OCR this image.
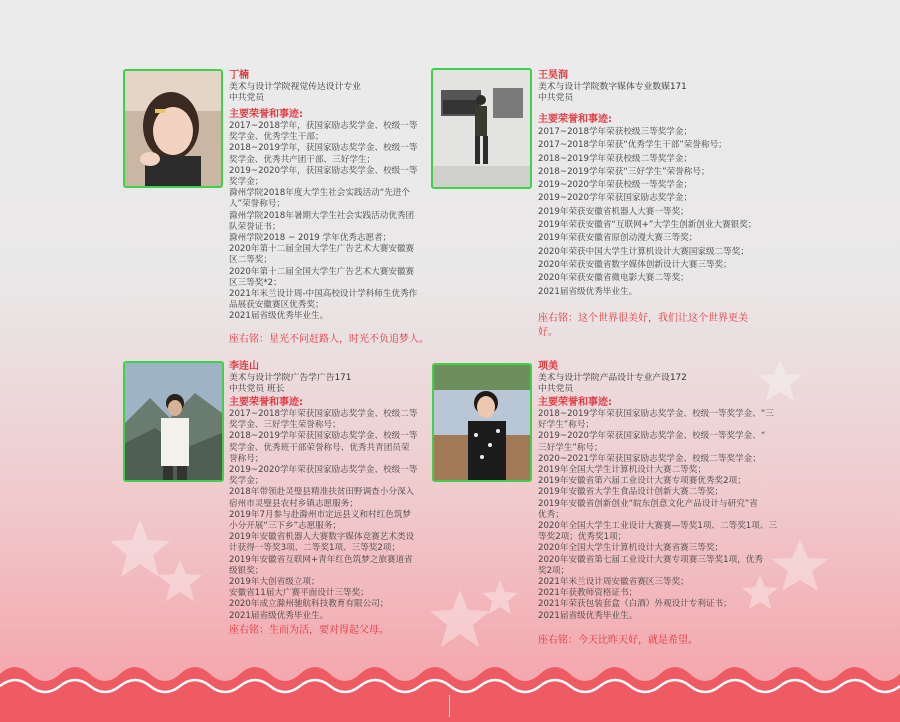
丁楠
美术与设计学院视觉传达设计专业
中共党员
主要荣誉和事迹:
2017~2018学年，获国家励志奖学金、校级一等
奖学金、优秀学生干部；
2018~2019学年，获国家励志奖学金、校级一等
奖学金、优秀共产团干部、三好学生；
2019~2020学年，获国家励志奖学金、校级一等
奖学金；
滁州学院2018年度大学生社会实践活动“先进个
人”荣誉称号；
滁州学院2018年暑期大学生社会实践活动优秀团
队荣誉证书；
滁州学院2018 ~ 2019 学年优秀志愿者；
2020年第十二届全国大学生广告艺术大赛安徽赛
区二等奖；
2020年第十二届全国大学生广告艺术大赛安徽赛
区三等奖*2；
2021年米兰设计周-中国高校设计学科师生优秀作
品展获安徽赛区优秀奖；
2021届省级优秀毕业生。
座右铭：星光不问赶路人，时光不负追梦人。
王昊润
美术与设计学院数字媒体专业数媒171
中共党员
主要荣誉和事迹:
2017~2018学年荣获校级三等奖学金；
2017~2018学年荣获“优秀学生干部”荣誉称号；
2018~2019学年荣获校级二等奖学金；
2018~2019学年荣获“三好学生”荣誉称号；
2019~2020学年荣获校级一等奖学金；
2019~2020学年荣获国家励志奖学金；
2019年荣获安徽省机器人大赛一等奖；
2019年荣获安徽省“互联网+”大学生创新创业大赛银奖；
2019年荣获安徽省原创动漫大赛三等奖；
2020年荣获中国大学生计算机设计大赛国家级二等奖；
2020年荣获安徽省数字媒体创新设计大赛三等奖；
2020年荣获安徽省微电影大赛二等奖；
2021届省级优秀毕业生。
座右铭：这个世界很美好，我们让这个世界更美
好。
李连山
美术与设计学院广告学广告171
中共党员 班长
主要荣誉和事迹:
2017~2018学年荣获国家励志奖学金、校级二等
奖学金、三好学生荣誉称号；
2018~2019学年荣获国家励志奖学金、校级一等
奖学金、优秀班干部荣誉称号、优秀共青团员荣
誉称号；
2019~2020学年荣获国家励志奖学金、校级一等
奖学金；
2018年带领赴灵璧县精准扶贫田野调查小分深入
宿州市灵璧县农村乡镇志愿服务；
2019年7月参与赴滁州市定远县义和村红色筑梦
小分开展“三下乡”志愿服务；
2019年安徽省机器人大赛数字媒体竞赛艺术类设
计获得一等奖3项、二等奖1项、三等奖2项；
2019年安徽省互联网+青年红色筑梦之旅赛道省
级银奖；
2019年大创省级立项；
安徽省11届大广赛平面设计三等奖；
2020年成立滁州驰航科技教育有限公司；
2021届省级优秀毕业生。
座右铭：生而为活，要对得起父母。
项美
美术与设计学院产品设计专业产设172
中共党员
主要荣誉和事迹:
2018~2019学年荣获国家励志奖学金、校级一等奖学金、“三
好学生”称号；
2019~2020学年荣获国家励志奖学金、校级一等奖学金、“
三好学生”称号；
2020~2021学年荣获国家励志奖学金、校级二等奖学金；
2019年全国大学生计算机设计大赛二等奖；
2019年安徽省第六届工业设计大赛专项赛优秀奖2项；
2019年安徽省大学生食品设计创新大赛二等奖；
2019年安徽省创新创业“皖东创意文化产品设计与研究”省
优秀；
2020年全国大学生工业设计大赛赛—等奖1项、二等奖1项、三
等奖2项；优秀奖1项；
2020年全国大学生计算机设计大赛省赛三等奖；
2020年安徽省第七届工业设计大赛专项赛三等奖1项，优秀
奖2项；
2021年米兰设计周安徽省赛区三等奖；
2021年获教师资格证书；
2021年荣获包装套盒（白酒）外观设计专利证书；
2021届省级优秀毕业生。
座右铭：今天比昨天好，就是希望。
